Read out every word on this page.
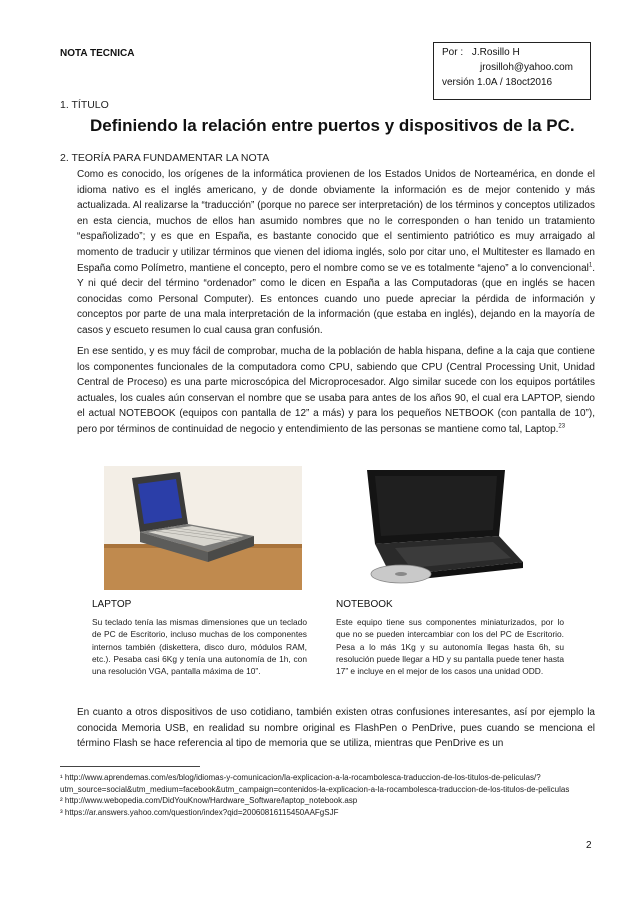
NOTA TECNICA	Por : J.Rosillo H
jrosilloh@yahoo.com
versión 1.0A / 18oct2016
1. TÍTULO
Definiendo la relación entre puertos y dispositivos de la PC.
2. TEORÍA PARA FUNDAMENTAR LA NOTA
Como es conocido, los orígenes de la informática provienen de los Estados Unidos de Norteamérica, en donde el idioma nativo es el inglés americano, y de donde obviamente la información es de mejor contenido y más actualizada. Al realizarse la “traducción” (porque no parece ser interpretación) de los términos y conceptos utilizados en esta ciencia, muchos de ellos han asumido nombres que no le corresponden o han tenido un tratamiento “españolizado”; y es que en España, es bastante conocido que el sentimiento patriótico es muy arraigado al momento de traducir y utilizar términos que vienen del idioma inglés, solo por citar uno, el Multitester es llamado en España como Polímetro, mantiene el concepto, pero el nombre como se ve es totalmente “ajeno” a lo convencional$^1$. Y ni qué decir del término “ordenador” como le dicen en España a las Computadoras (que en inglés se hacen conocidas como Personal Computer). Es entonces cuando uno puede apreciar la pérdida de información y conceptos por parte de una mala interpretación de la información (que estaba en inglés), dejando en la mayoría de casos y escueto resumen lo cual causa gran confusión.
En ese sentido, y es muy fácil de comprobar, mucha de la población de habla hispana, define a la caja que contiene los componentes funcionales de la computadora como CPU, sabiendo que CPU (Central Processing Unit, Unidad Central de Proceso) es una parte microscópica del Microprocesador. Algo similar sucede con los equipos portátiles actuales, los cuales aún conservan el nombre que se usaba para antes de los años 90, el cual era LAPTOP, siendo el actual NOTEBOOK (equipos con pantalla de 12” a más) y para los pequeños NETBOOK (con pantalla de 10”), pero por términos de continuidad de negocio y entendimiento de las personas se mantiene como tal, Laptop.$^{23}$
LAPTOP
Su teclado tenía las mismas dimensiones que un teclado de PC de Escritorio, incluso muchas de los componentes internos también (diskettera, disco duro, módulos RAM, etc.). Pesaba casi 6Kg y tenía una autonomía de 1h, con una resolución VGA, pantalla máxima de 10”.
NOTEBOOK
Este equipo tiene sus componentes miniaturizados, por lo que no se pueden intercambiar con los del PC de Escritorio. Pesa a lo más 1Kg y su autonomía llegas hasta 6h, su resolución puede llegar a HD y su pantalla puede tener hasta 17” e incluye en el mejor de los casos una unidad ODD.
En cuanto a otros dispositivos de uso cotidiano, también existen otras confusiones interesantes, así por ejemplo la conocida Memoria USB, en realidad su nombre original es FlashPen o PenDrive, pues cuando se menciona el término Flash se hace referencia al tipo de memoria que se utiliza, mientras que PenDrive es un
¹ http://www.aprendemas.com/es/blog/idiomas-y-comunicacion/la-explicacion-a-la-rocambolesca-traduccion-de-los-titulos-de-peliculas/?utm_source=social&utm_medium=facebook&utm_campaign=contenidos-la-explicacion-a-la-rocambolesca-traduccion-de-los-titulos-de-peliculas
² http://www.webopedia.com/DidYouKnow/Hardware_Software/laptop_notebook.asp
³ https://ar.answers.yahoo.com/question/index?qid=20060816115450AAFgSJF
2
